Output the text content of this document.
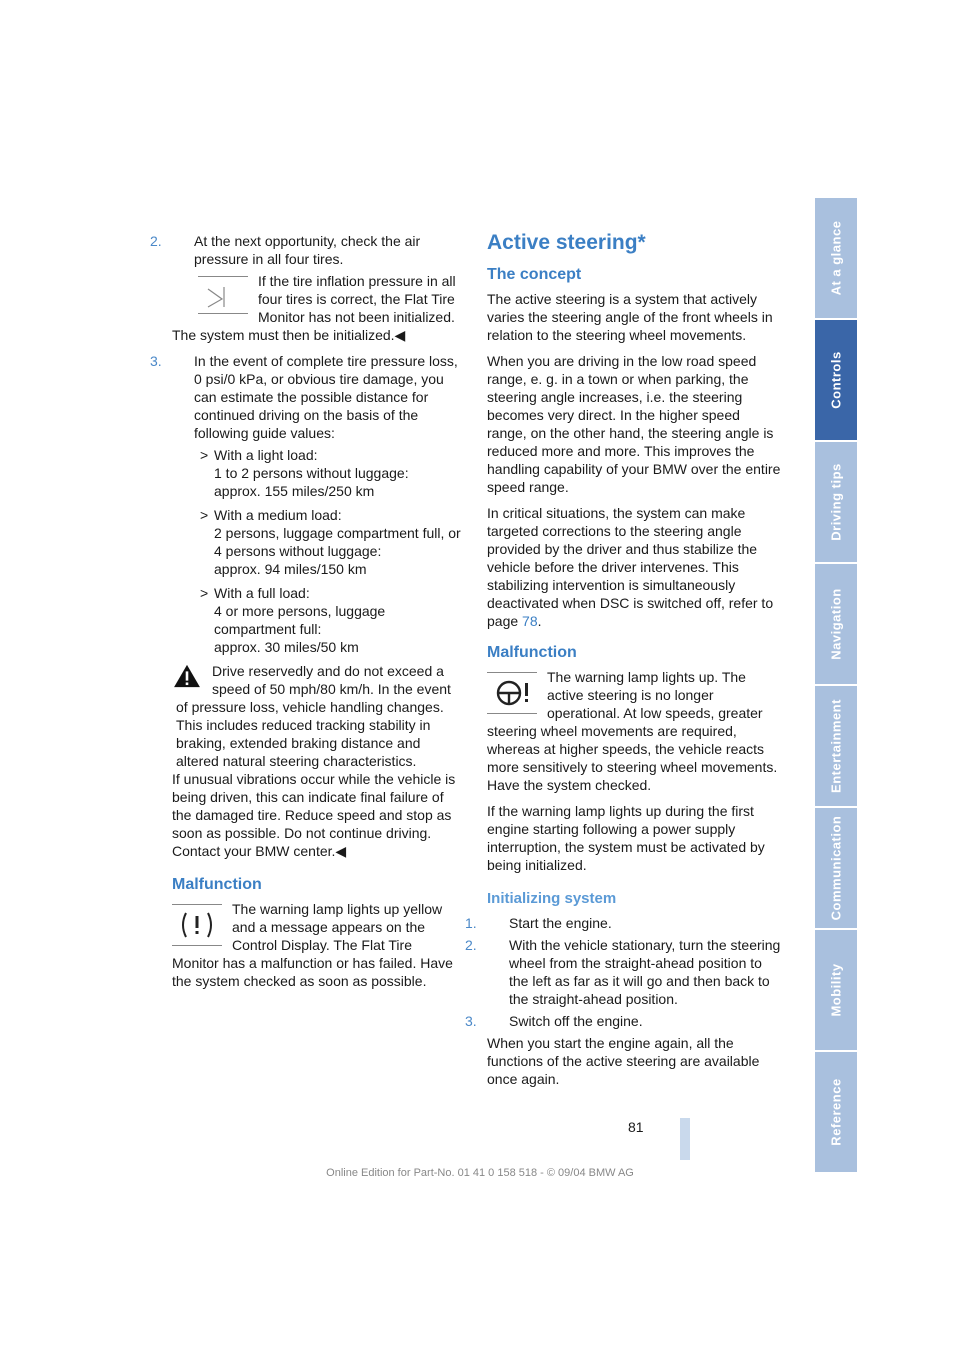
2. At the next opportunity, check the air pressure in all four tires.

If the tire inflation pressure in all four tires is correct, the Flat Tire Monitor has not been initialized. The system must then be initialized.◀

3. In the event of complete tire pressure loss, 0 psi/0 kPa, or obvious tire damage, you can estimate the possible distance for continued driving on the basis of the following guide values:

> With a light load:
1 to 2 persons without luggage:
approx. 155 miles/250 km
> With a medium load:
2 persons, luggage compartment full, or 4 persons without luggage:
approx. 94 miles/150 km
> With a full load:
4 or more persons, luggage compartment full:
approx. 30 miles/50 km
Drive reservedly and do not exceed a speed of 50 mph/80 km/h. In the event of pressure loss, vehicle handling changes. This includes reduced tracking stability in braking, extended braking distance and altered natural steering characteristics.
If unusual vibrations occur while the vehicle is being driven, this can indicate final failure of the damaged tire. Reduce speed and stop as soon as possible. Do not continue driving. Contact your BMW center.◀
Malfunction
The warning lamp lights up yellow and a message appears on the Control Display. The Flat Tire Monitor has a malfunction or has failed. Have the system checked as soon as possible.
Active steering*
The concept

The active steering is a system that actively varies the steering angle of the front wheels in relation to the steering wheel movements.

When you are driving in the low road speed range, e. g. in a town or when parking, the steering angle increases, i.e. the steering becomes very direct. In the higher speed range, on the other hand, the steering angle is reduced more and more. This improves the handling capability of your BMW over the entire speed range.

In critical situations, the system can make targeted corrections to the steering angle provided by the driver and thus stabilize the vehicle before the driver intervenes. This stabilizing intervention is simultaneously deactivated when DSC is switched off, refer to page 78.

Malfunction
The warning lamp lights up. The active steering is no longer operational. At low speeds, greater steering wheel movements are required, whereas at higher speeds, the vehicle reacts more sensitively to steering wheel movements. Have the system checked.

If the warning lamp lights up during the first engine starting following a power supply interruption, the system must be activated by being initialized.

Initializing system

1. Start the engine.

2. With the vehicle stationary, turn the steering wheel from the straight-ahead position to the left as far as it will go and then back to the straight-ahead position.

3. Switch off the engine.

When you start the engine again, all the functions of the active steering are available once again.

At a glance
Controls
Driving tips
Navigation
Entertainment
Communication
Mobility
Reference
81
Online Edition for Part-No. 01 41 0 158 518 - © 09/04 BMW AG
